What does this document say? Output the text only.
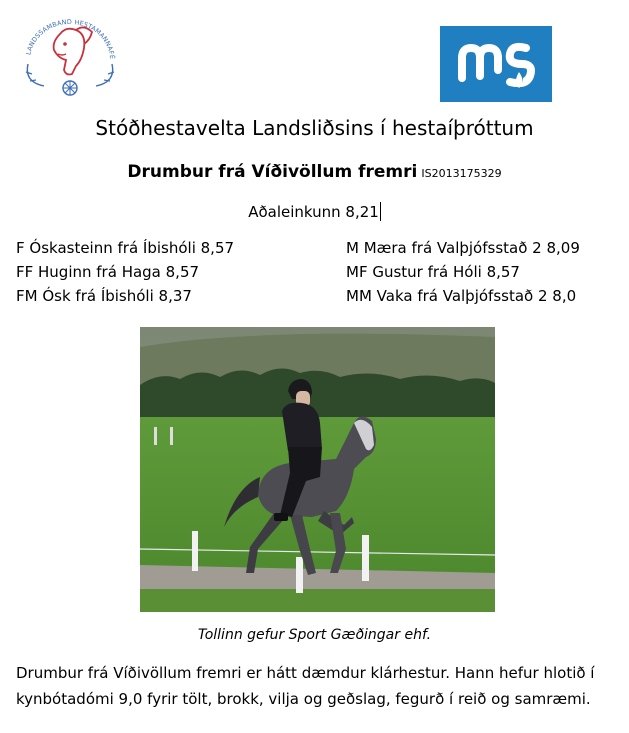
LANDSSAMBAND HESTAMANNAFÉ
Stóðhestavelta Landsliðsins í hestaíþróttum
Drumbur frá Víðivöllum fremri IS2013175329
Aðaleinkunn 8,21
F Óskasteinn frá Íbishóli 8,57
FF Huginn frá Haga 8,57
FM Ósk frá Íbishóli 8,37
M Mæra frá Valþjófsstað 2 8,09
MF Gustur frá Hóli 8,57
MM Vaka frá Valþjófsstað 2 8,0
Tollinn gefur Sport Gæðingar ehf.
Drumbur frá Víðivöllum fremri er hátt dæmdur klárhestur. Hann hefur hlotið í kynbótadómi 9,0 fyrir tölt, brokk, vilja og geðslag, fegurð í reið og samræmi.
